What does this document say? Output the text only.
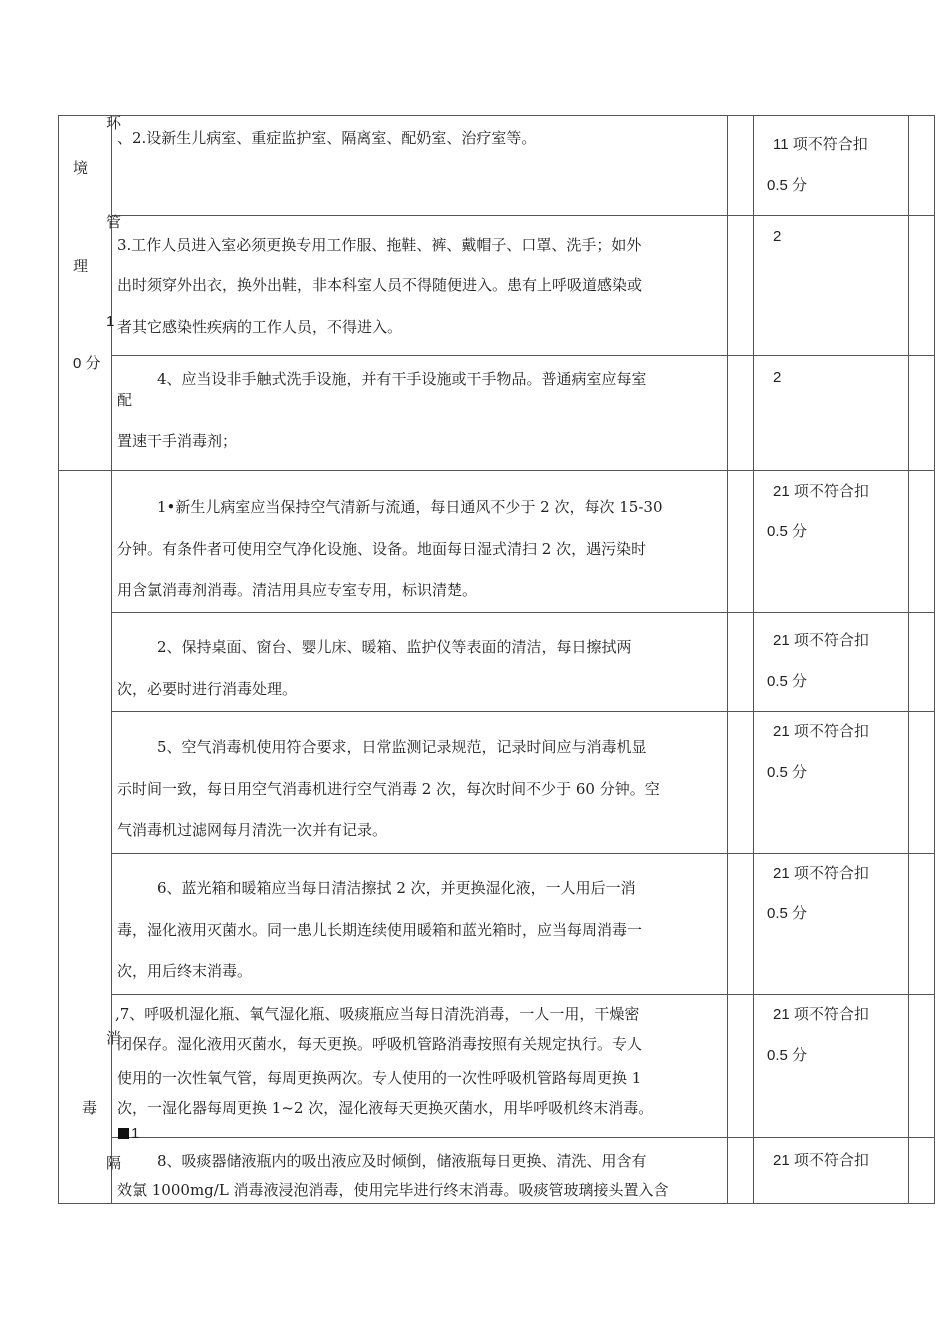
环
境
管
理
1
0 分
消
毒
1
隔
、2.设新生儿病室、重症监护室、隔离室、配奶室、治疗室等。	11 项不符合扣
0.5 分
3.工作人员进入室必须更换专用工作服、拖鞋、裤、戴帽子、口罩、洗手；如外
出时须穿外出衣，换外出鞋，非本科室人员不得随便进入。患有上呼吸道感染或
者其它感染性疾病的工作人员，不得进入。
2
4、应当设非手触式洗手设施，并有干手设施或干手物品。普通病室应每室
配
置速干手消毒剂；
2
1•新生儿病室应当保持空气清新与流通，每日通风不少于 2 次，每次 15-30
分钟。有条件者可使用空气净化设施、设备。地面每日湿式清扫 2 次，遇污染时
用含氯消毒剂消毒。清洁用具应专室专用，标识清楚。
21 项不符合扣
0.5 分
2、保持桌面、窗台、婴儿床、暖箱、监护仪等表面的清洁，每日擦拭两
次，必要时进行消毒处理。
21 项不符合扣
0.5 分
5、空气消毒机使用符合要求，日常监测记录规范，记录时间应与消毒机显
示时间一致，每日用空气消毒机进行空气消毒 2 次，每次时间不少于 60 分钟。空
气消毒机过滤网每月清洗一次并有记录。
21 项不符合扣
0.5 分
6、蓝光箱和暖箱应当每日清洁擦拭 2 次，并更换湿化液，一人用后一消
毒，湿化液用灭菌水。同一患儿长期连续使用暖箱和蓝光箱时，应当每周消毒一
次，用后终末消毒。
21 项不符合扣
0.5 分
,7、呼吸机湿化瓶、氧气湿化瓶、吸痰瓶应当每日清洗消毒，一人一用，干燥密
闭保存。湿化液用灭菌水，每天更换。呼吸机管路消毒按照有关规定执行。专人
使用的一次性氧气管，每周更换两次。专人使用的一次性呼吸机管路每周更换 1
次，一湿化器每周更换 1~2 次，湿化液每天更换灭菌水，用毕呼吸机终末消毒。
21 项不符合扣
0.5 分
8、吸痰器储液瓶内的吸出液应及时倾倒，储液瓶每日更换、清洗、用含有
效氯 1000mg/L 消毒液浸泡消毒，使用完毕进行终末消毒。吸痰管玻璃接头置入含
21 项不符合扣
